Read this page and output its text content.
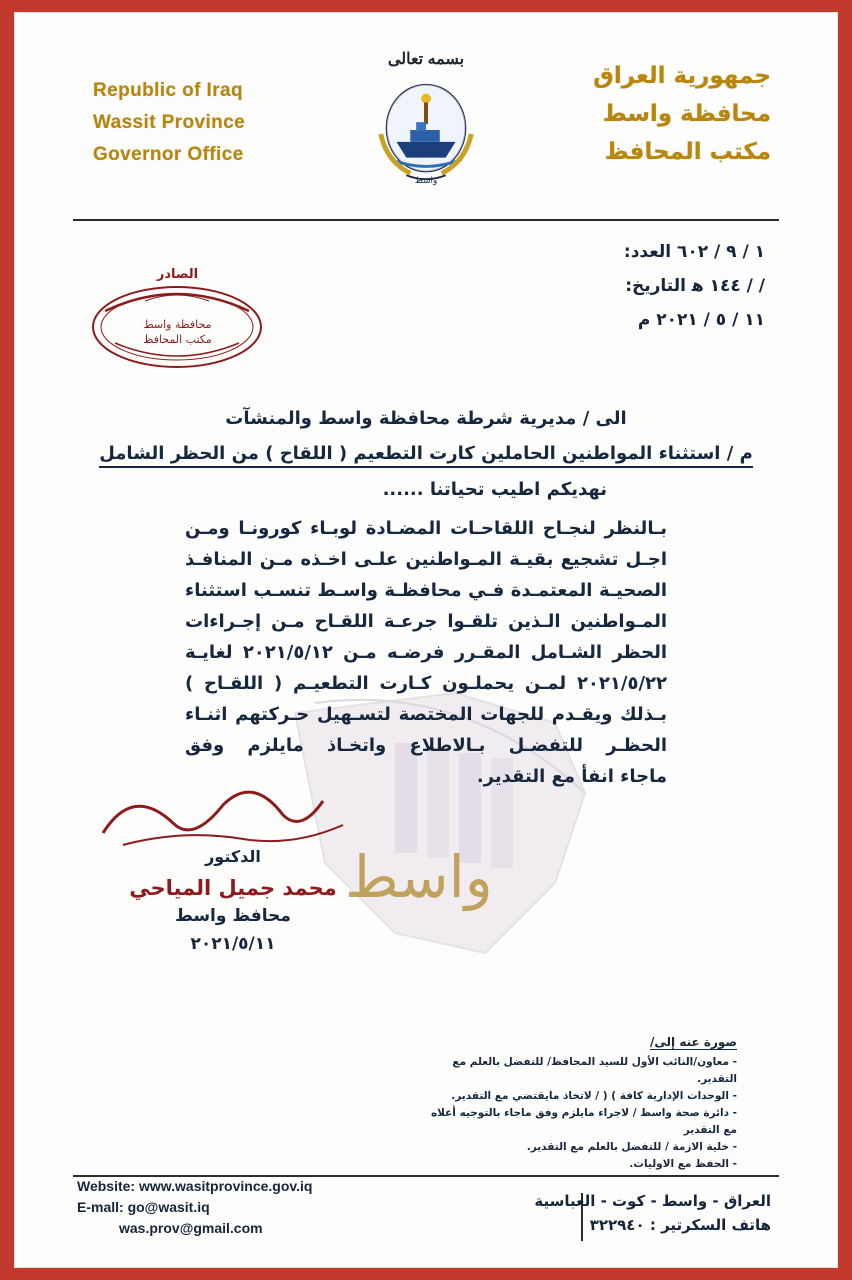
بسمه تعالى
Republic of Iraq
Wassit Province
Governor Office
واسط
جمهورية العراق
محافظة واسط
مكتب المحافظ
١ / ٩ / ٦٠٢ العدد:
/ / ١٤٤ ﻫ التاريخ:
١١ / ٥ / ٢٠٢١ م
الصادر
محافظة واسط
مكتب المحافظ
واسط
الى / مديرية شرطة محافظة واسط والمنشآت
م / استثناء المواطنين الحاملين كارت التطعيم ( اللقاح ) من الحظر الشامل
نهديكم اطيب تحياتنا ......
بـالنظر لنجـاح اللقاحـات المضـادة لوبـاء كورونـا ومـن اجـل تشجيع بقيـة المـواطنين علـى اخـذه مـن المنافـذ الصحيـة المعتمـدة فـي محافظـة واسـط تنسـب استثناء المـواطنين الـذين تلقـوا جرعـة اللقـاح مـن إجـراءات الحظر الشـامل المقـرر فرضـه مـن ٢٠٢١/٥/١٢ لغايـة ٢٠٢١/٥/٢٢ لمـن يحملـون كـارت التطعيـم ( اللقـاح ) بـذلك ويقـدم للجهات المختصة لتسـهيل حـركتهم اثنـاء الحظـر للتفضـل بـالاطلاع واتخـاذ مايلزم وفق
ماجاء انفأ مع التقدير.
الدكتور
محمد جميل المياحي
محافظ واسط
٢٠٢١/٥/١١
صورة عنه إلى/
- معاون/النائب الأول للسيد المحافظ/ للتفضل بالعلم مع التقدير.
- الوحدات الإدارية كافة ) ( / لاتخاذ مايقتضي مع التقدير.
- دائرة صحة واسط / لاجراء مايلزم وفق ماجاء بالتوجيه أعلاه مع التقدير
- خلية الازمة / للتفضل بالعلم مع التقدير.
- الحفظ مع الاوليات.
Website: www.wasitprovince.gov.iq
E-mall: go@wasit.iq
was.prov@gmail.com
العراق - واسط - كوت - العباسية
هاتف السكرتير : ٣٢٢٩٤٠
